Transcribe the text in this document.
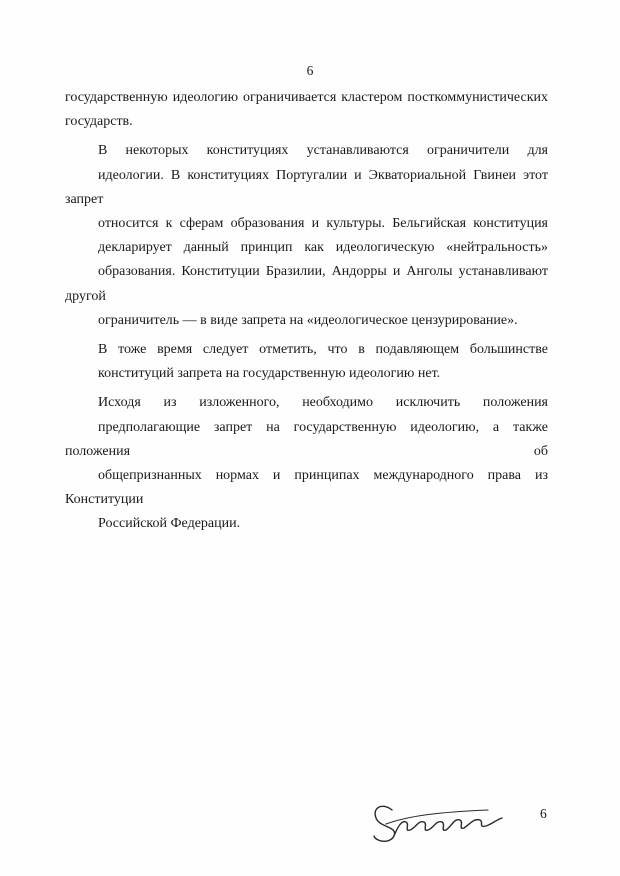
6

государственную идеологию ограничивается кластером посткоммунистических
государств.

В некоторых конституциях устанавливаются ограничители для
идеологии. В конституциях Португалии и Экваториальной Гвинеи этот запрет
относится к сферам образования и культуры. Бельгийская конституция
декларирует данный принцип как идеологическую «нейтральность»
образования. Конституции Бразилии, Андорры и Анголы устанавливают другой
ограничитель — в виде запрета на «идеологическое цензурирование».

В тоже время следует отметить, что в подавляющем большинстве
конституций запрета на государственную идеологию нет.

Исходя из изложенного, необходимо исключить положения
предполагающие запрет на государственную идеологию, а также положения об
общепризнанных нормах и принципах международного права из Конституции
Российской Федерации.

6
